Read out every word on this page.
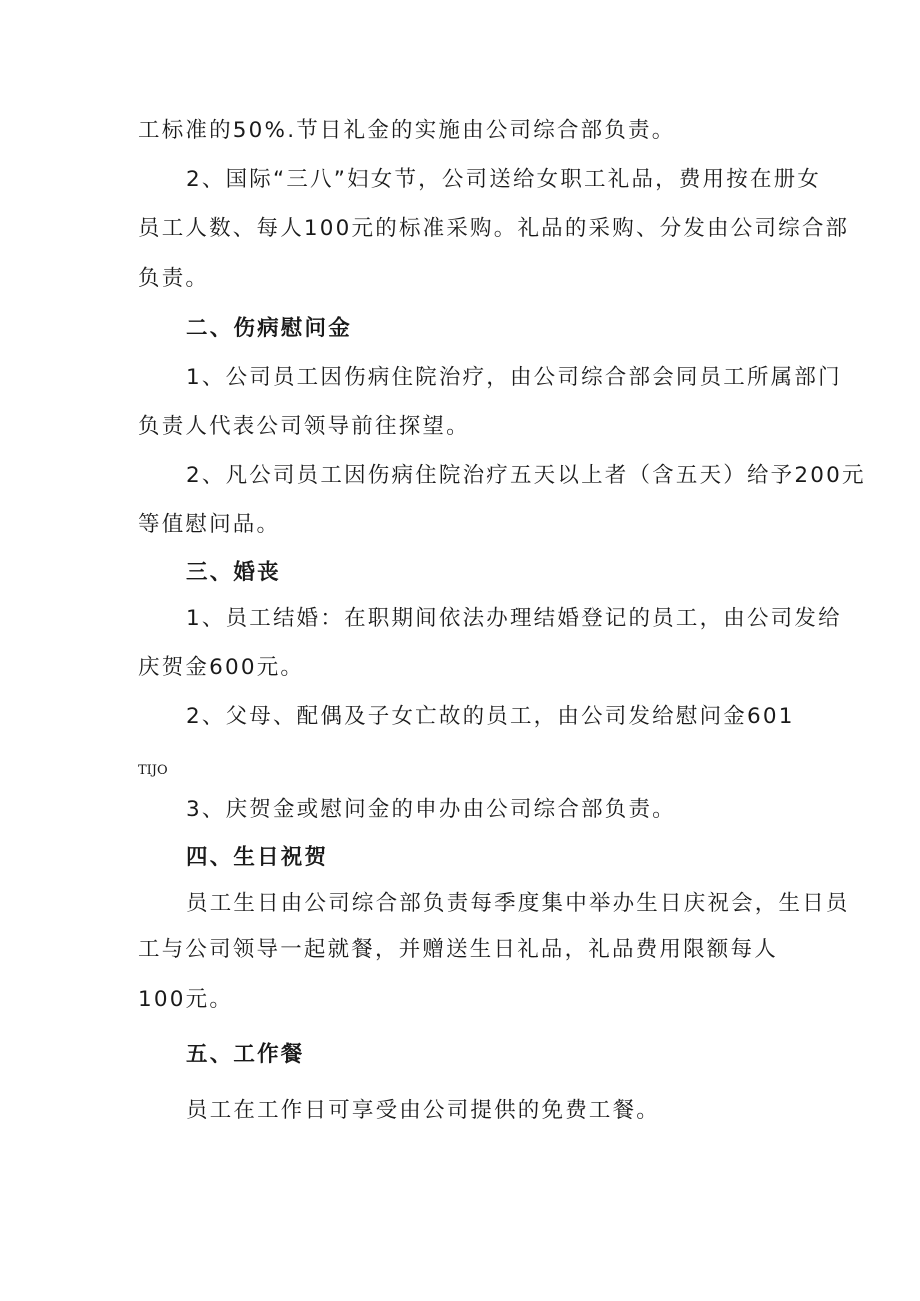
工标准的50%.节日礼金的实施由公司综合部负责。
2、国际“三八”妇女节，公司送给女职工礼品，费用按在册女
员工人数、每人100元的标准采购。礼品的采购、分发由公司综合部
负责。
二、伤病慰问金
1、公司员工因伤病住院治疗，由公司综合部会同员工所属部门
负责人代表公司领导前往探望。
2、凡公司员工因伤病住院治疗五天以上者（含五天）给予200元
等值慰问品。
三、婚丧
1、员工结婚：在职期间依法办理结婚登记的员工，由公司发给
庆贺金600元。
2、父母、配偶及子女亡故的员工，由公司发给慰问金601
TIJO
3、庆贺金或慰问金的申办由公司综合部负责。
四、生日祝贺
员工生日由公司综合部负责每季度集中举办生日庆祝会，生日员
工与公司领导一起就餐，并赠送生日礼品，礼品费用限额每人
100元。
五、工作餐
员工在工作日可享受由公司提供的免费工餐。
